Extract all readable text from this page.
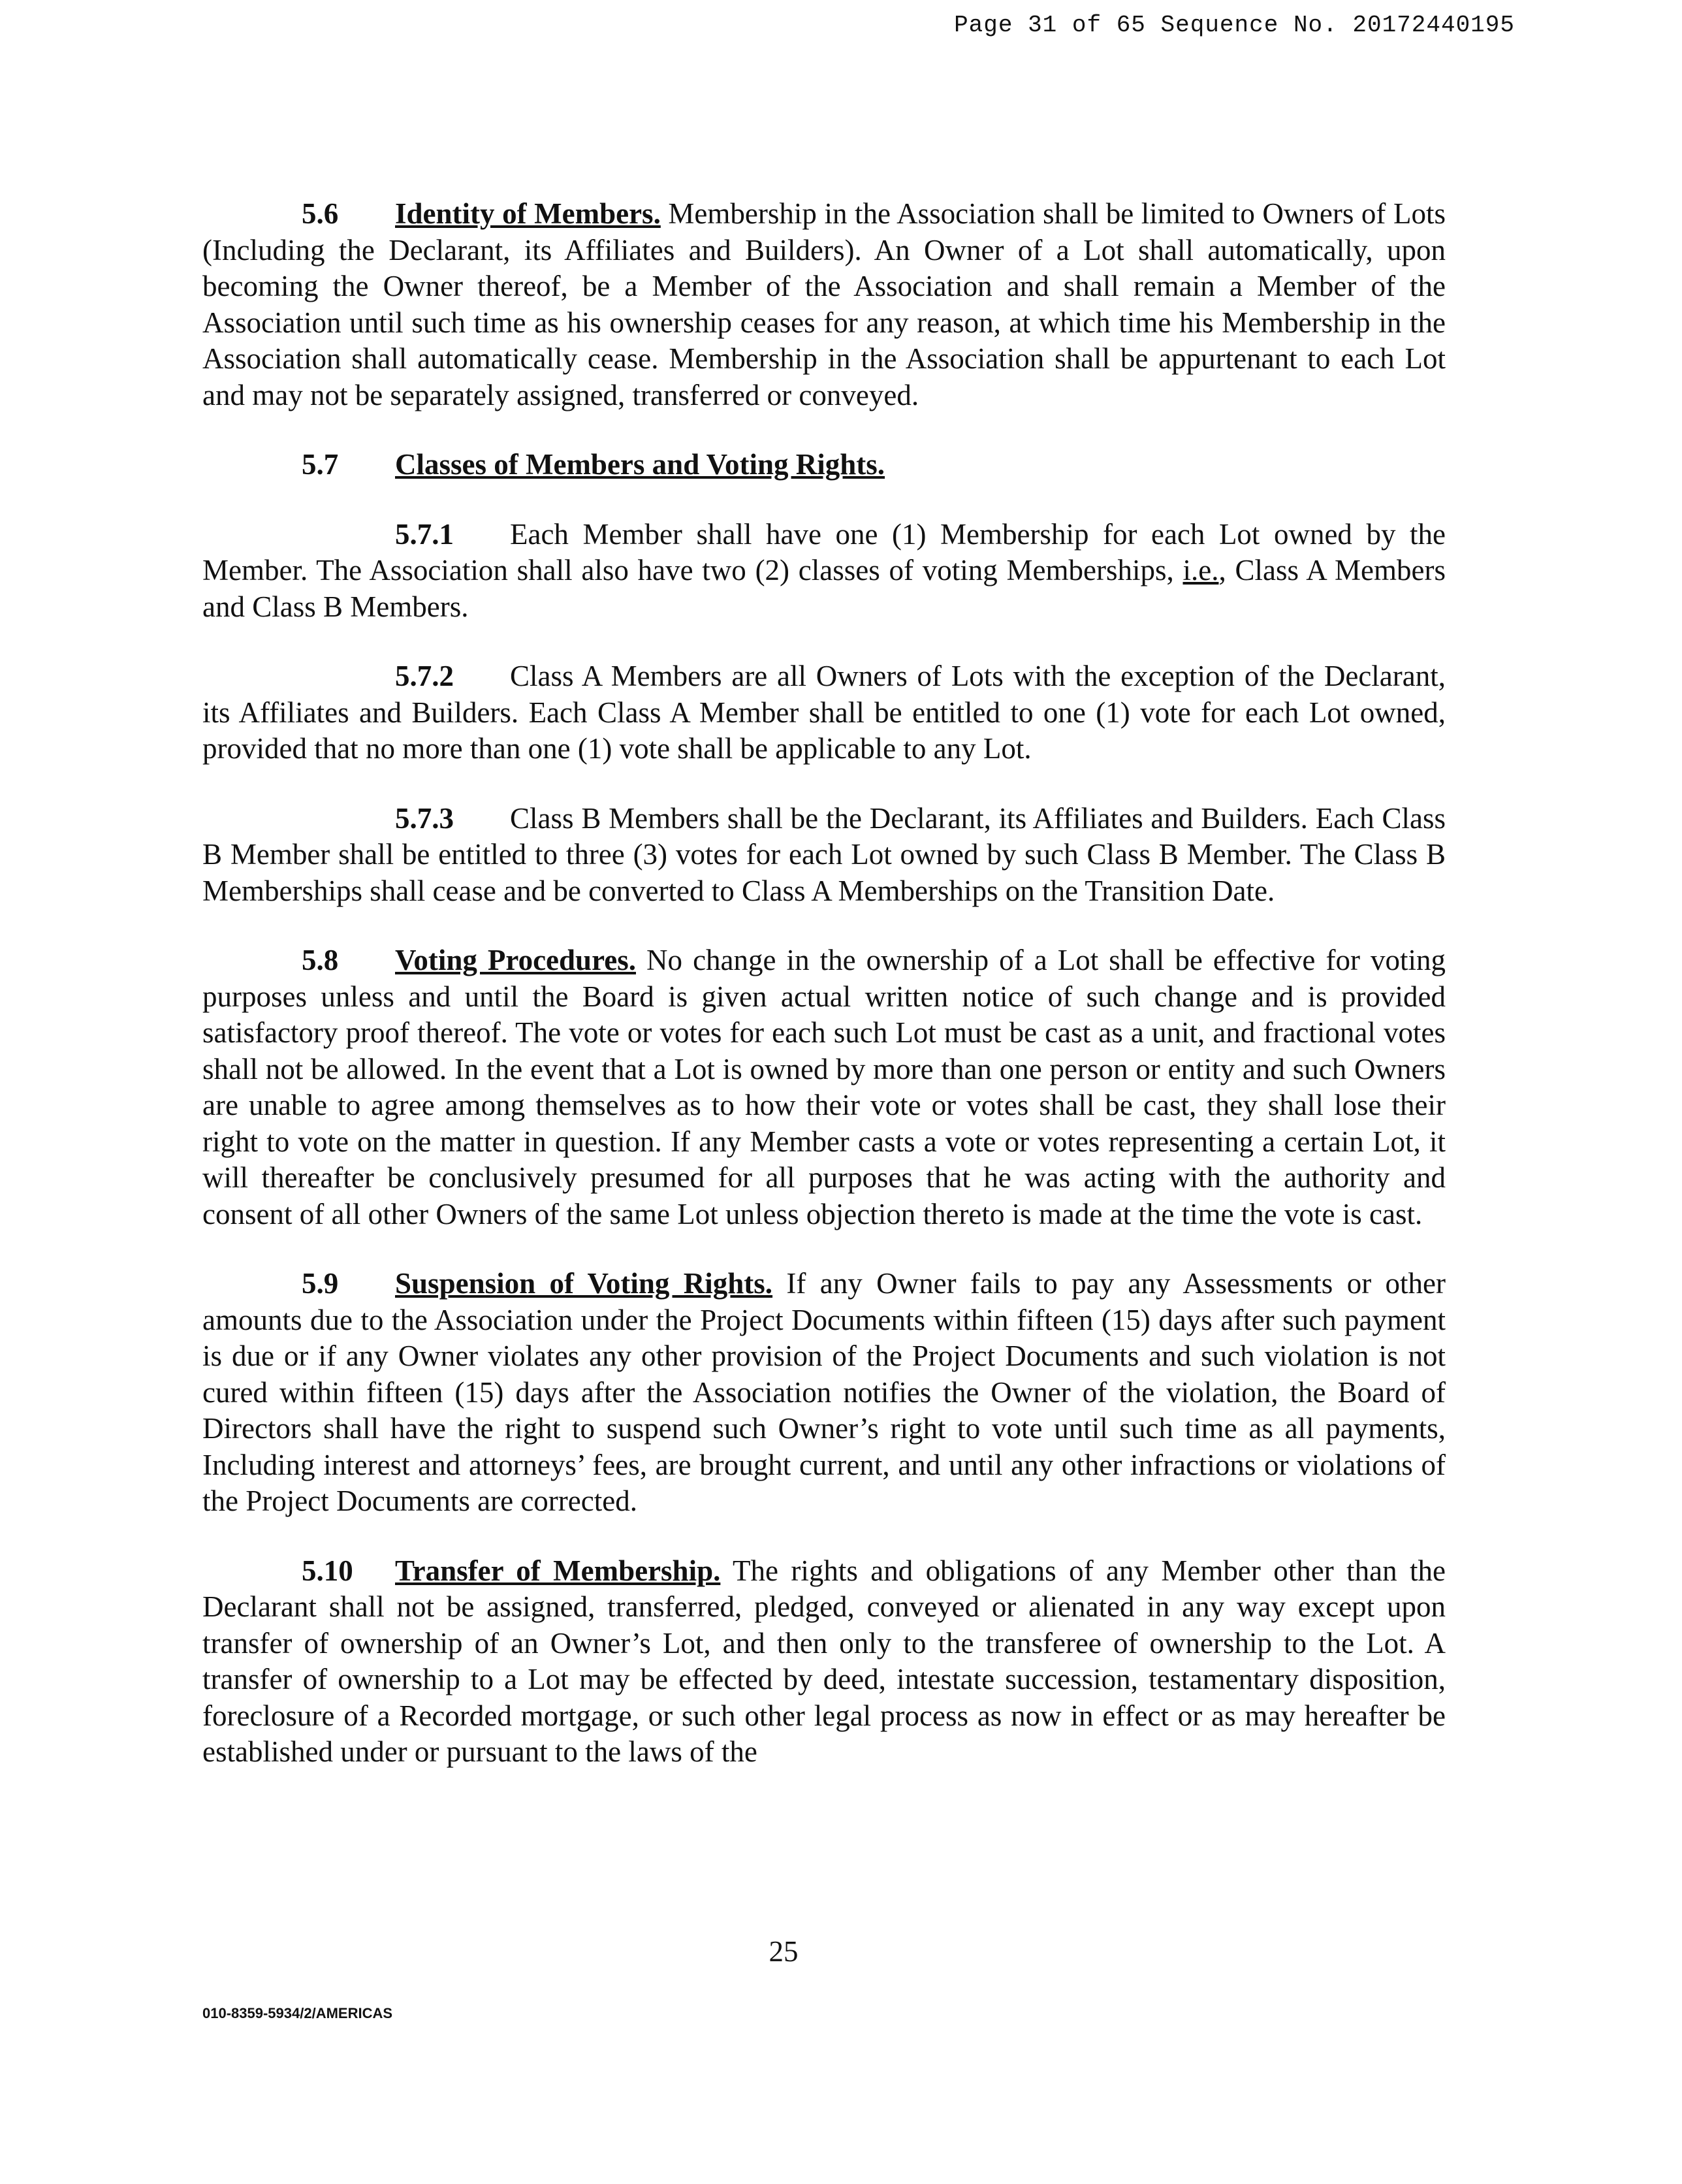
Page 31 of 65 Sequence No. 20172440195

5.6 Identity of Members. Membership in the Association shall be limited to Owners of Lots (Including the Declarant, its Affiliates and Builders). An Owner of a Lot shall automatically, upon becoming the Owner thereof, be a Member of the Association and shall remain a Member of the Association until such time as his ownership ceases for any reason, at which time his Membership in the Association shall automatically cease. Membership in the Association shall be appurtenant to each Lot and may not be separately assigned, transferred or conveyed.

5.7 Classes of Members and Voting Rights.

5.7.1 Each Member shall have one (1) Membership for each Lot owned by the Member. The Association shall also have two (2) classes of voting Memberships, i.e., Class A Members and Class B Members.

5.7.2 Class A Members are all Owners of Lots with the exception of the Declarant, its Affiliates and Builders. Each Class A Member shall be entitled to one (1) vote for each Lot owned, provided that no more than one (1) vote shall be applicable to any Lot.

5.7.3 Class B Members shall be the Declarant, its Affiliates and Builders. Each Class B Member shall be entitled to three (3) votes for each Lot owned by such Class B Member. The Class B Memberships shall cease and be converted to Class A Memberships on the Transition Date.

5.8 Voting Procedures. No change in the ownership of a Lot shall be effective for voting purposes unless and until the Board is given actual written notice of such change and is provided satisfactory proof thereof. The vote or votes for each such Lot must be cast as a unit, and fractional votes shall not be allowed. In the event that a Lot is owned by more than one person or entity and such Owners are unable to agree among themselves as to how their vote or votes shall be cast, they shall lose their right to vote on the matter in question. If any Member casts a vote or votes representing a certain Lot, it will thereafter be conclusively presumed for all purposes that he was acting with the authority and consent of all other Owners of the same Lot unless objection thereto is made at the time the vote is cast.

5.9 Suspension of Voting Rights. If any Owner fails to pay any Assessments or other amounts due to the Association under the Project Documents within fifteen (15) days after such payment is due or if any Owner violates any other provision of the Project Documents and such violation is not cured within fifteen (15) days after the Association notifies the Owner of the violation, the Board of Directors shall have the right to suspend such Owner’s right to vote until such time as all payments, Including interest and attorneys’ fees, are brought current, and until any other infractions or violations of the Project Documents are corrected.

5.10 Transfer of Membership. The rights and obligations of any Member other than the Declarant shall not be assigned, transferred, pledged, conveyed or alienated in any way except upon transfer of ownership of an Owner’s Lot, and then only to the transferee of ownership to the Lot. A transfer of ownership to a Lot may be effected by deed, intestate succession, testamentary disposition, foreclosure of a Recorded mortgage, or such other legal process as now in effect or as may hereafter be established under or pursuant to the laws of the

25
010-8359-5934/2/AMERICAS
